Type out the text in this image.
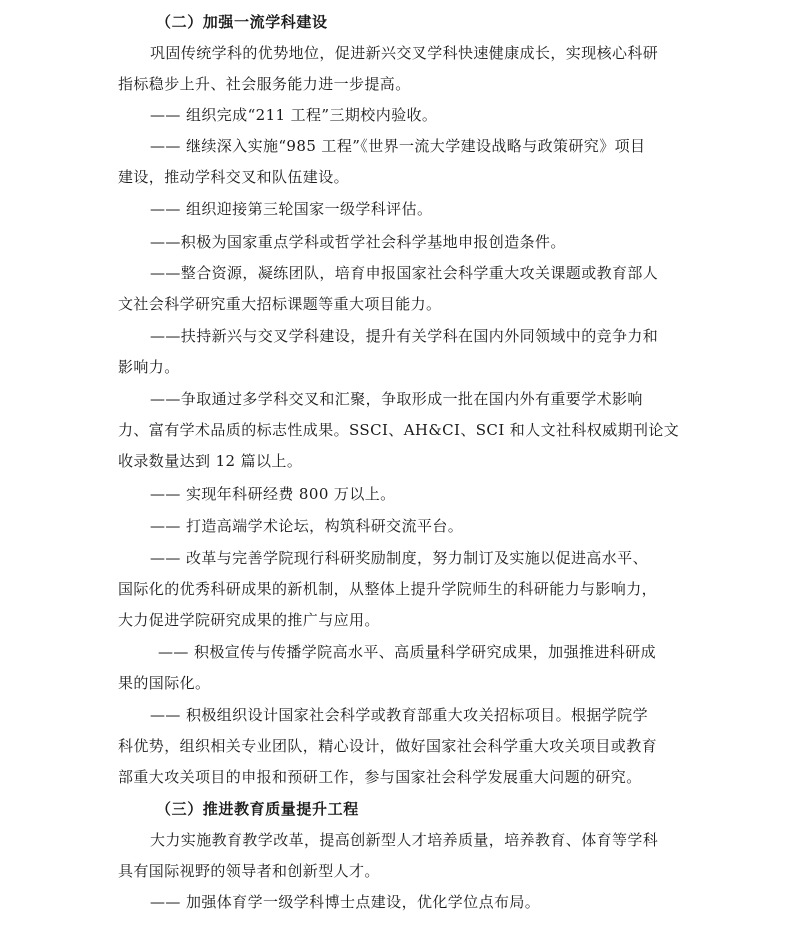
（二）加强一流学科建设
巩固传统学科的优势地位，促进新兴交叉学科快速健康成长，实现核心科研
指标稳步上升、社会服务能力进一步提高。
—— 组织完成“211 工程”三期校内验收。
—— 继续深入实施“985 工程”《世界一流大学建设战略与政策研究》项目
建设，推动学科交叉和队伍建设。
—— 组织迎接第三轮国家一级学科评估。
——积极为国家重点学科或哲学社会科学基地申报创造条件。
——整合资源，凝练团队，培育申报国家社会科学重大攻关课题或教育部人
文社会科学研究重大招标课题等重大项目能力。
——扶持新兴与交叉学科建设，提升有关学科在国内外同领域中的竞争力和
影响力。
——争取通过多学科交叉和汇聚，争取形成一批在国内外有重要学术影响
力、富有学术品质的标志性成果。SSCI、AH&CI、SCI 和人文社科权威期刊论文
收录数量达到 12 篇以上。
—— 实现年科研经费 800 万以上。
—— 打造高端学术论坛，构筑科研交流平台。
—— 改革与完善学院现行科研奖励制度，努力制订及实施以促进高水平、
国际化的优秀科研成果的新机制，从整体上提升学院师生的科研能力与影响力，
大力促进学院研究成果的推广与应用。
—— 积极宣传与传播学院高水平、高质量科学研究成果，加强推进科研成
果的国际化。
—— 积极组织设计国家社会科学或教育部重大攻关招标项目。根据学院学
科优势，组织相关专业团队，精心设计，做好国家社会科学重大攻关项目或教育
部重大攻关项目的申报和预研工作，参与国家社会科学发展重大问题的研究。
（三）推进教育质量提升工程
大力实施教育教学改革，提高创新型人才培养质量，培养教育、体育等学科
具有国际视野的领导者和创新型人才。
—— 加强体育学一级学科博士点建设，优化学位点布局。
